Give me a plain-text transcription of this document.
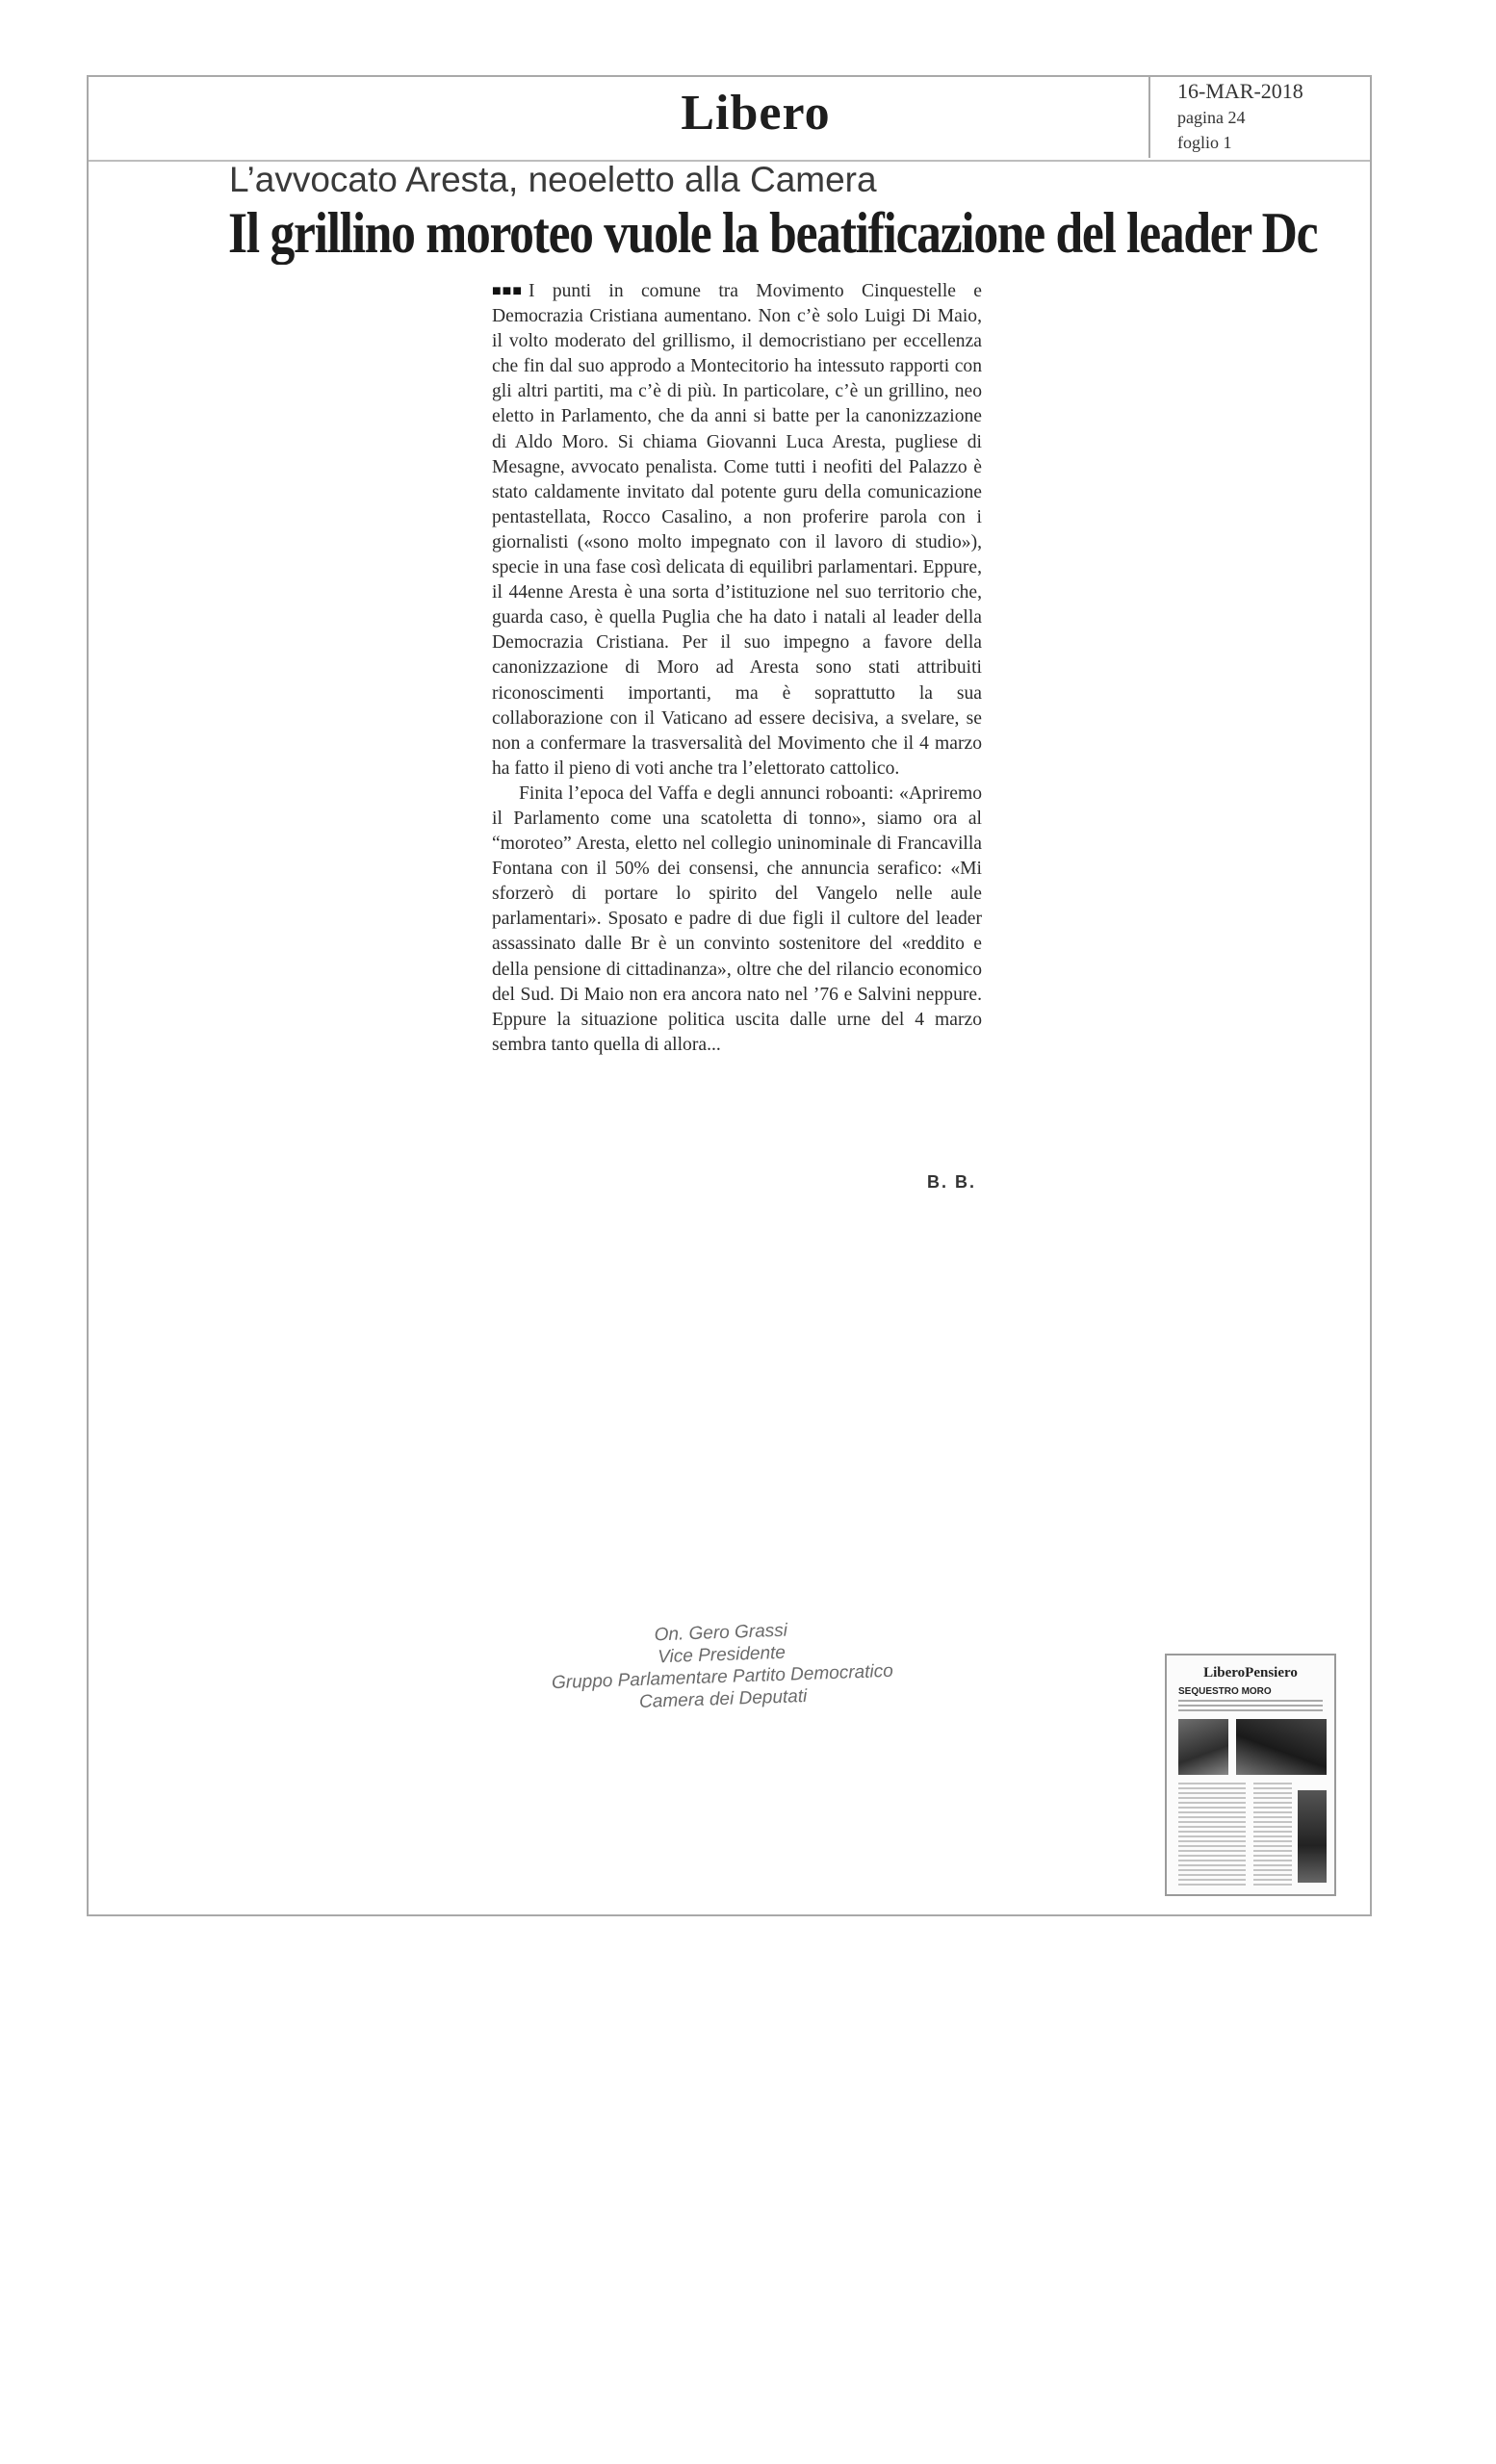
Libero	16-MAR-2018
pagina 24
foglio 1
L’avvocato Aresta, neoeletto alla Camera
Il grillino moroteo vuole la beatificazione del leader Dc

■■■ I punti in comune tra Movimento Cinquestelle e Democrazia Cristiana aumentano. Non c’è solo Luigi Di Maio, il volto moderato del grillismo, il democristiano per eccellenza che fin dal suo approdo a Montecitorio ha intessuto rapporti con gli altri partiti, ma c’è di più. In particolare, c’è un grillino, neo eletto in Parlamento, che da anni si batte per la canonizzazione di Aldo Moro. Si chiama Giovanni Luca Aresta, pugliese di Mesagne, avvocato penalista. Come tutti i neofiti del Palazzo è stato caldamente invitato dal potente guru della comunicazione pentastellata, Rocco Casalino, a non proferire parola con i giornalisti («sono molto impegnato con il lavoro di studio»), specie in una fase così delicata di equilibri parlamentari. Eppure, il 44enne Aresta è una sorta d’istituzione nel suo territorio che, guarda caso, è quella Puglia che ha dato i natali al leader della Democrazia Cristiana. Per il suo impegno a favore della canonizzazione di Moro ad Aresta sono stati attribuiti riconoscimenti importanti, ma è soprattutto la sua collaborazione con il Vaticano ad essere decisiva, a svelare, se non a confermare la trasversalità del Movimento che il 4 marzo ha fatto il pieno di voti anche tra l’elettorato cattolico.

Finita l’epoca del Vaffa e degli annunci roboanti: «Apriremo il Parlamento come una scatoletta di tonno», siamo ora al “moroteo” Aresta, eletto nel collegio uninominale di Francavilla Fontana con il 50% dei consensi, che annuncia serafico: «Mi sforzerò di portare lo spirito del Vangelo nelle aule parlamentari». Sposato e padre di due figli il cultore del leader assassinato dalle Br è un convinto sostenitore del «reddito e della pensione di cittadinanza», oltre che del rilancio economico del Sud. Di Maio non era ancora nato nel ’76 e Salvini neppure. Eppure la situazione politica uscita dalle urne del 4 marzo sembra tanto quella di allora...

B. B.
On. Gero Grassi
Vice Presidente
Gruppo Parlamentare Partito Democratico
Camera dei Deputati
LiberoPensiero
SEQUESTRO MORO
